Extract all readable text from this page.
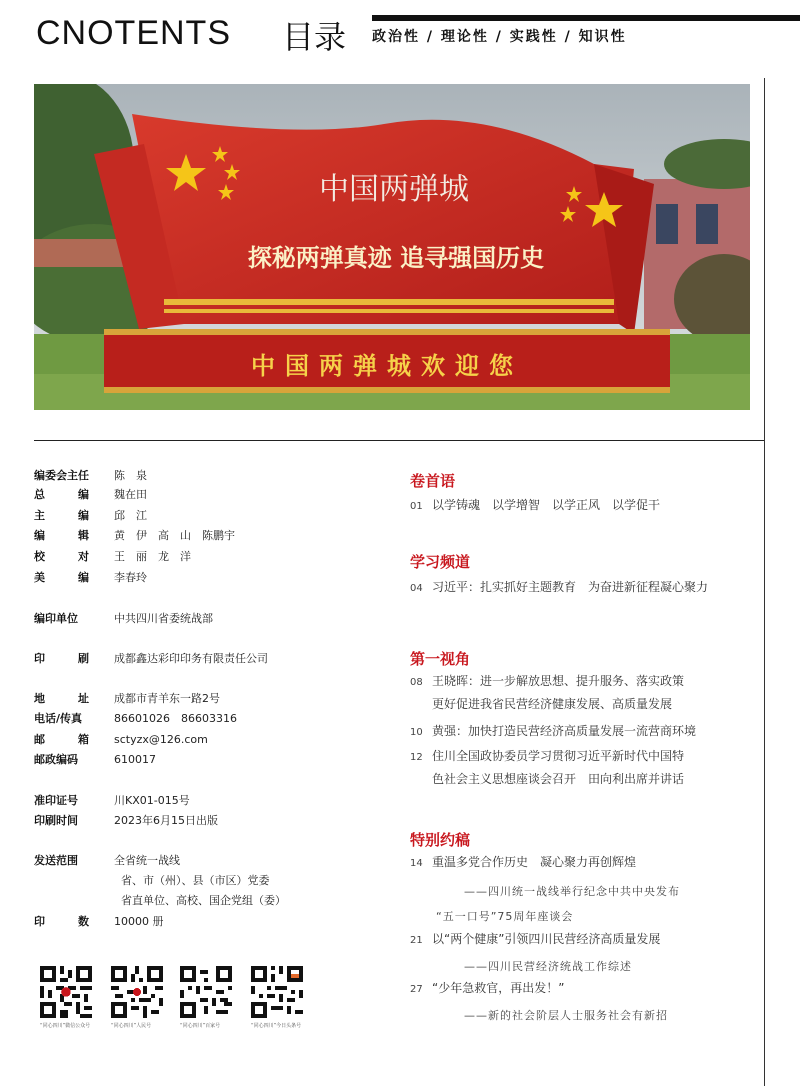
CNOTENTS 目录 政治性 / 理论性 / 实践性 / 知识性
中国两弹城
探秘两弹真迹 追寻强国历史
中国两弹城欢迎您
编委会主任 陈　泉
总　　　编 魏在田
主　　　编 邱　江
编　　　辑 黄　伊　高　山　陈鹏宇
校　　　对 王　丽　龙　洋
美　　　编 李春玲
编印单位	中共四川省委统战部
印　　　刷 成都鑫达彩印印务有限责任公司
地　　　址 成都市青羊东一路2号
电话/传真	86601026　86603316
邮　　　箱 sctyzx@126.com
邮政编码	610017
准印证号	川KX01-015号
印刷时间	2023年6月15日出版
发送范围	全省统一战线
省、市（州）、县（市区）党委
省直单位、高校、国企党组（委）
印　　　数 10000 册
“同心四川”微信公众号	“同心四川”人民号	“同心四川”百家号	“同心四川”今日头条号
卷首语
01 以学铸魂　以学增智　以学正风　以学促干
学习频道
04 习近平：扎实抓好主题教育　为奋进新征程凝心聚力
第一视角
08 王晓晖：进一步解放思想、提升服务、落实政策
更好促进我省民营经济健康发展、高质量发展
10 黄强：加快打造民营经济高质量发展一流营商环境
12 住川全国政协委员学习贯彻习近平新时代中国特
色社会主义思想座谈会召开　田向利出席并讲话
特别约稿
14 重温多党合作历史　凝心聚力再创辉煌
——四川统一战线举行纪念中共中央发布
“五一口号”75周年座谈会
21 以“两个健康”引领四川民营经济高质量发展
——四川民营经济统战工作综述
27 “少年急救官，再出发！”
——新的社会阶层人士服务社会有新招
